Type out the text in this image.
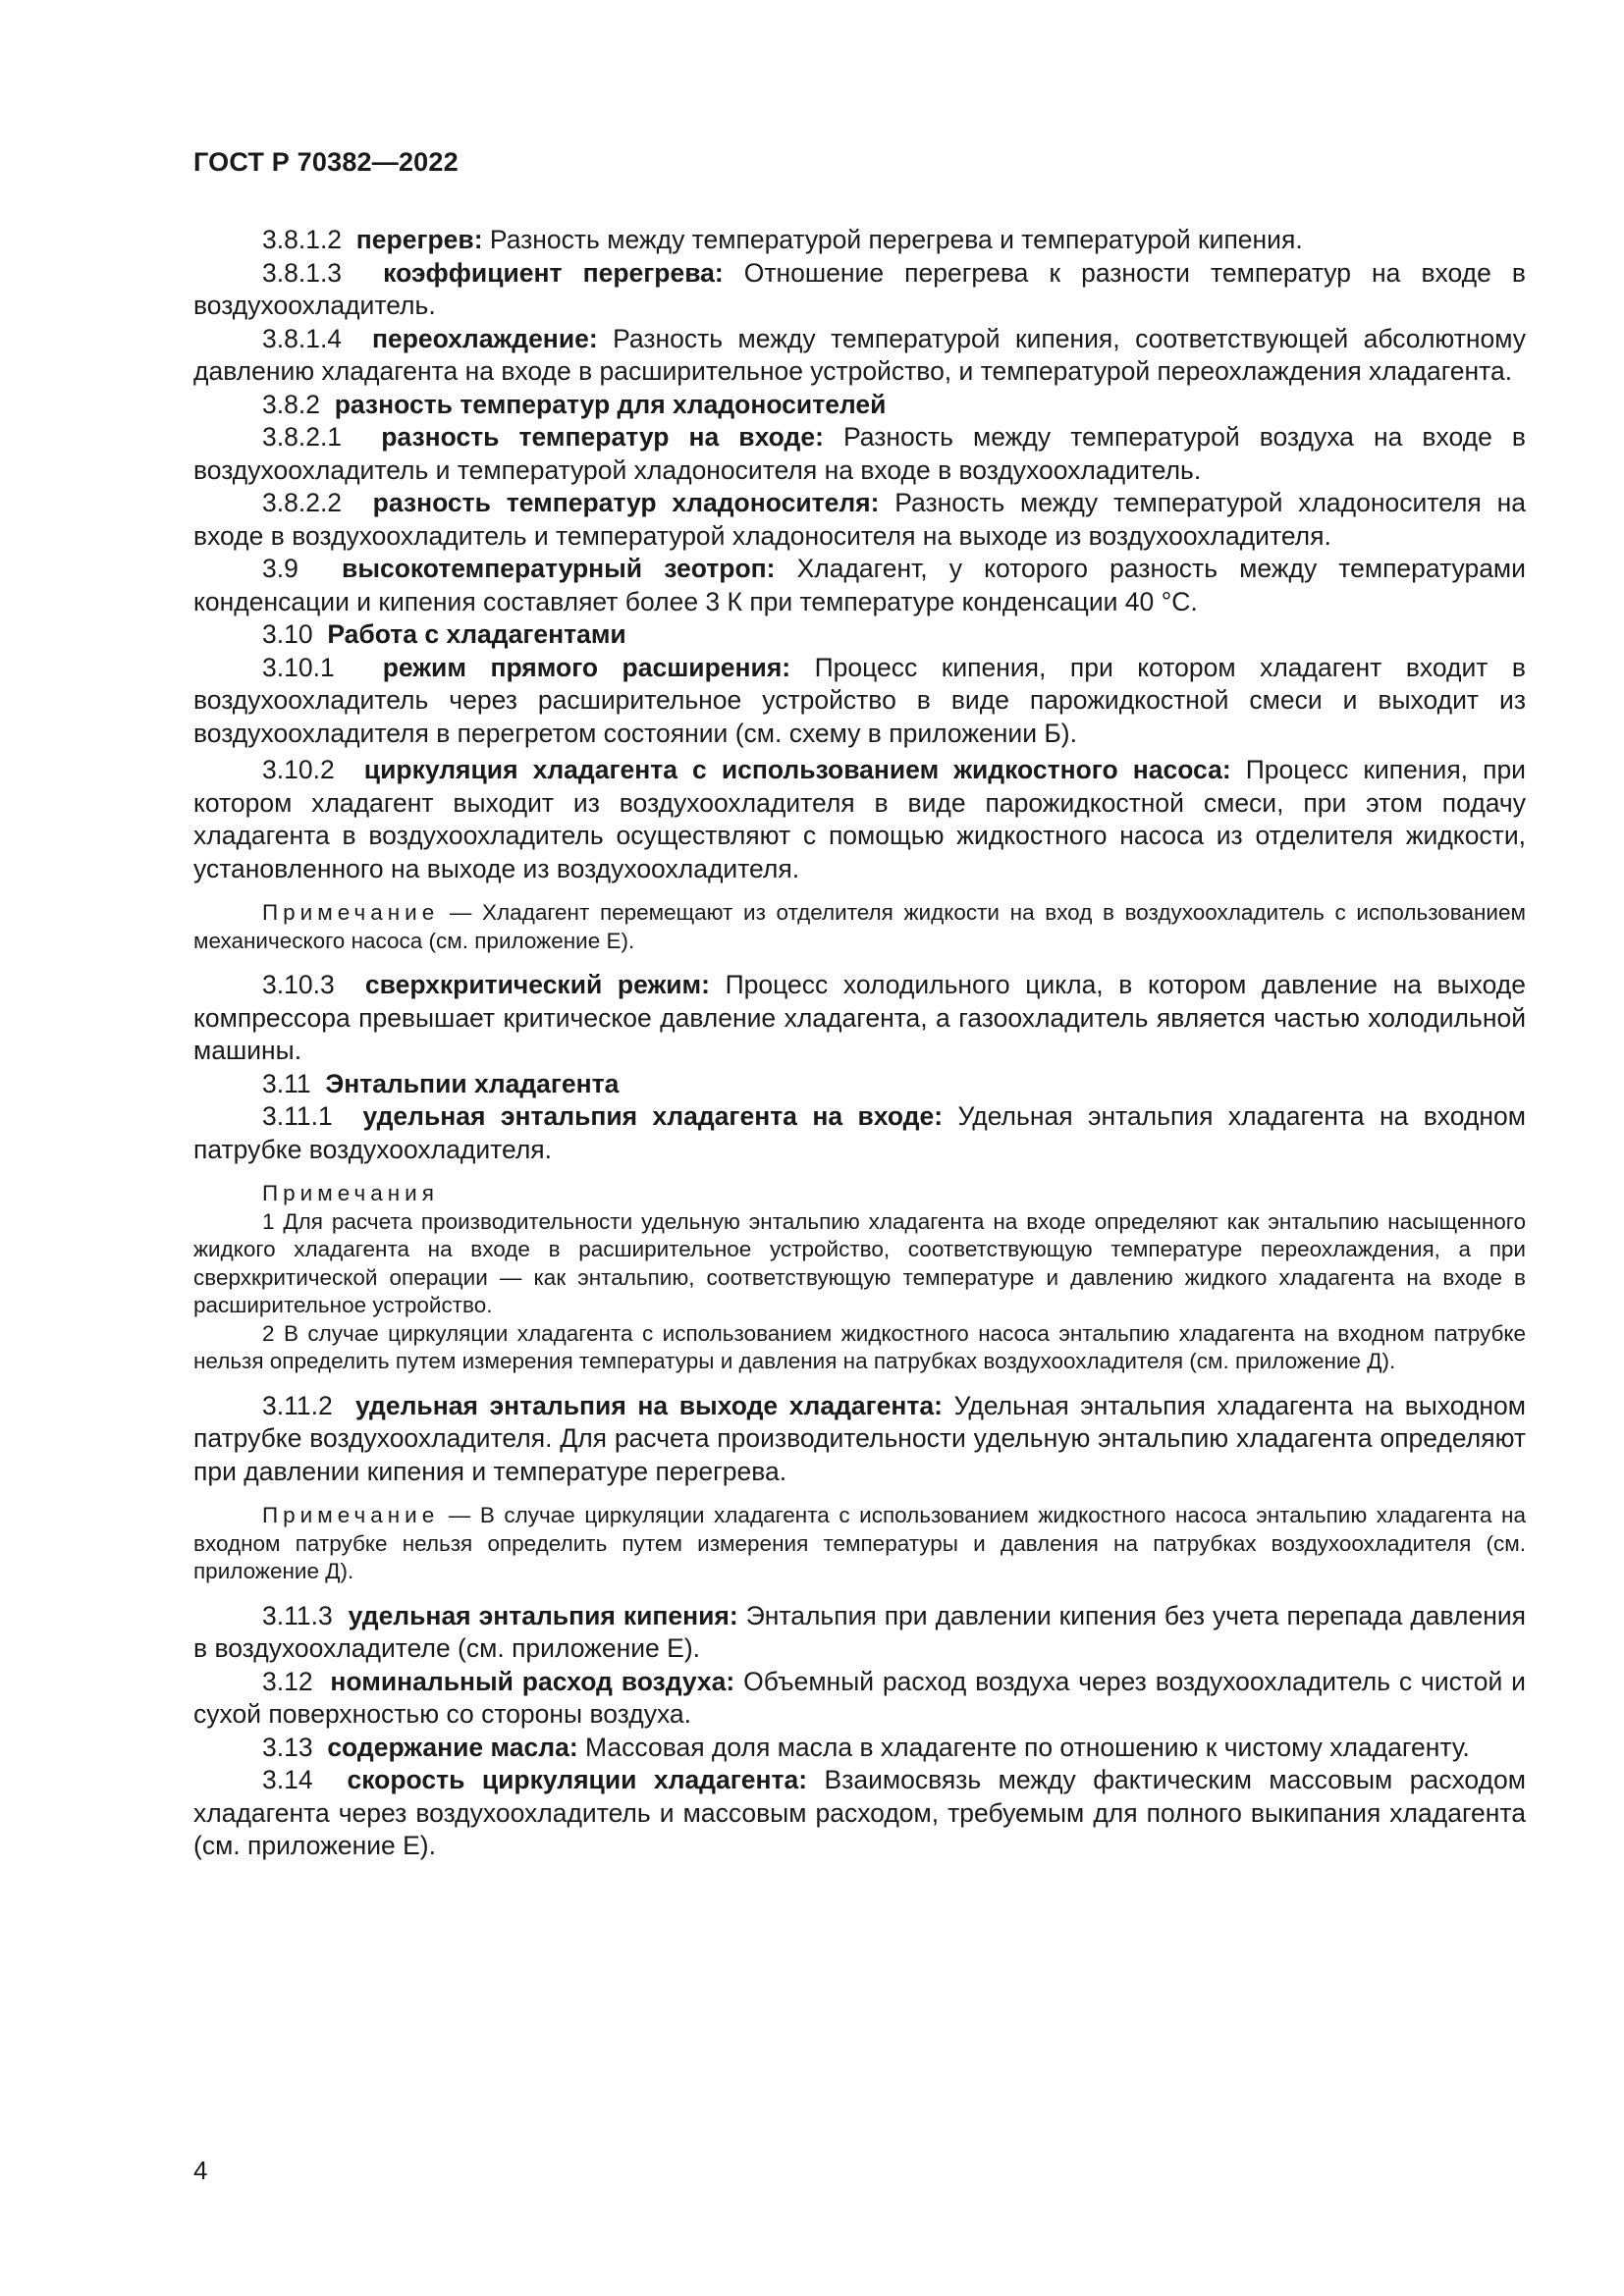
ГОСТ Р 70382—2022

3.8.1.2 перегрев: Разность между температурой перегрева и температурой кипения.

3.8.1.3 коэффициент перегрева: Отношение перегрева к разности температур на входе в воздухоохладитель.

3.8.1.4 переохлаждение: Разность между температурой кипения, соответствующей абсолютному давлению хладагента на входе в расширительное устройство, и температурой переохлаждения хладагента.

3.8.2 разность температур для хладоносителей

3.8.2.1 разность температур на входе: Разность между температурой воздуха на входе в воздухоохладитель и температурой хладоносителя на входе в воздухоохладитель.

3.8.2.2 разность температур хладоносителя: Разность между температурой хладоносителя на входе в воздухоохладитель и температурой хладоносителя на выходе из воздухоохладителя.

3.9 высокотемпературный зеотроп: Хладагент, у которого разность между температурами конденсации и кипения составляет более 3 К при температуре конденсации 40 °С.

3.10 Работа с хладагентами

3.10.1 режим прямого расширения: Процесс кипения, при котором хладагент входит в воздухоохладитель через расширительное устройство в виде парожидкостной смеси и выходит из воздухоохладителя в перегретом состоянии (см. схему в приложении Б).

3.10.2 циркуляция хладагента с использованием жидкостного насоса: Процесс кипения, при котором хладагент выходит из воздухоохладителя в виде парожидкостной смеси, при этом подачу хладагента в воздухоохладитель осуществляют с помощью жидкостного насоса из отделителя жидкости, установленного на выходе из воздухоохладителя.

Примечание — Хладагент перемещают из отделителя жидкости на вход в воздухоохладитель с использованием механического насоса (см. приложение Е).

3.10.3 сверхкритический режим: Процесс холодильного цикла, в котором давление на выходе компрессора превышает критическое давление хладагента, а газоохладитель является частью холодильной машины.

3.11 Энтальпии хладагента

3.11.1 удельная энтальпия хладагента на входе: Удельная энтальпия хладагента на входном патрубке воздухоохладителя.

Примечания

1 Для расчета производительности удельную энтальпию хладагента на входе определяют как энтальпию насыщенного жидкого хладагента на входе в расширительное устройство, соответствующую температуре переохлаждения, а при сверхкритической операции — как энтальпию, соответствующую температуре и давлению жидкого хладагента на входе в расширительное устройство.

2 В случае циркуляции хладагента с использованием жидкостного насоса энтальпию хладагента на входном патрубке нельзя определить путем измерения температуры и давления на патрубках воздухоохладителя (см. приложение Д).

3.11.2 удельная энтальпия на выходе хладагента: Удельная энтальпия хладагента на выходном патрубке воздухоохладителя. Для расчета производительности удельную энтальпию хладагента определяют при давлении кипения и температуре перегрева.

Примечание — В случае циркуляции хладагента с использованием жидкостного насоса энтальпию хладагента на входном патрубке нельзя определить путем измерения температуры и давления на патрубках воздухоохладителя (см. приложение Д).

3.11.3 удельная энтальпия кипения: Энтальпия при давлении кипения без учета перепада давления в воздухоохладителе (см. приложение Е).

3.12 номинальный расход воздуха: Объемный расход воздуха через воздухоохладитель с чистой и сухой поверхностью со стороны воздуха.

3.13 содержание масла: Массовая доля масла в хладагенте по отношению к чистому хладагенту.

3.14 скорость циркуляции хладагента: Взаимосвязь между фактическим массовым расходом хладагента через воздухоохладитель и массовым расходом, требуемым для полного выкипания хладагента (см. приложение Е).

4
